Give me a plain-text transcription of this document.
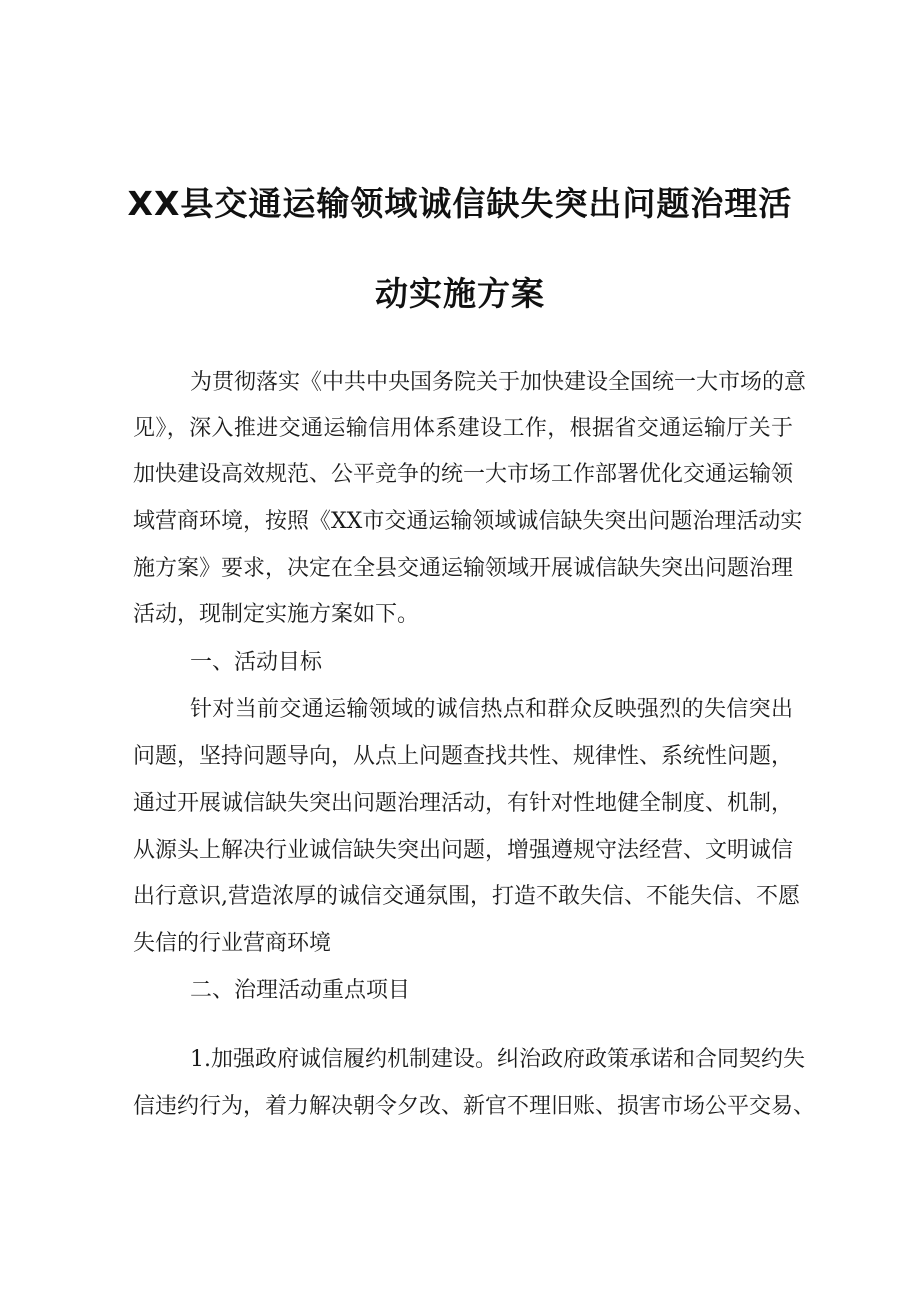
XX县交通运输领域诚信缺失突出问题治理活
动实施方案
为贯彻落实《中共中央国务院关于加快建设全国统一大市场的意
见》，深入推进交通运输信用体系建设工作，根据省交通运输厅关于
加快建设高效规范、公平竞争的统一大市场工作部署优化交通运输领
域营商环境，按照《XX市交通运输领域诚信缺失突出问题治理活动实
施方案》要求，决定在全县交通运输领域开展诚信缺失突出问题治理
活动，现制定实施方案如下。
一、活动目标
针对当前交通运输领域的诚信热点和群众反映强烈的失信突出
问题，坚持问题导向，从点上问题查找共性、规律性、系统性问题，
通过开展诚信缺失突出问题治理活动，有针对性地健全制度、机制，
从源头上解决行业诚信缺失突出问题，增强遵规守法经营、文明诚信
出行意识,营造浓厚的诚信交通氛围，打造不敢失信、不能失信、不愿
失信的行业营商环境
二、治理活动重点项目
1.加强政府诚信履约机制建设。纠治政府政策承诺和合同契约失
信违约行为，着力解决朝令夕改、新官不理旧账、损害市场公平交易、
